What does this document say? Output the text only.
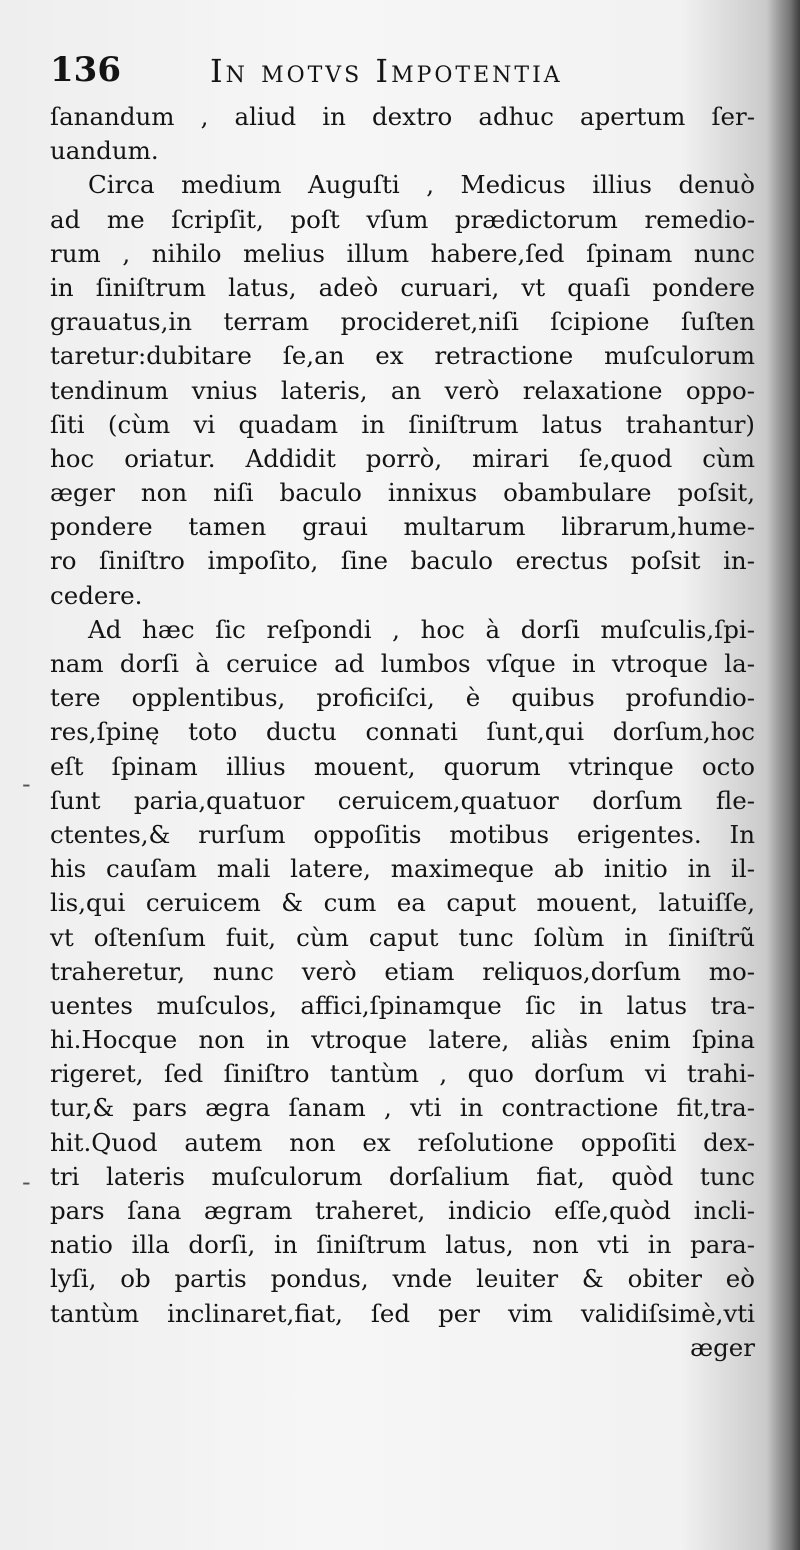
136	In motvs Impotentia
ſanandum , aliud in dextro adhuc apertum ſer-
uandum.
Circa medium Auguſti , Medicus illius denuò
ad me ſcripſit, poſt vſum prædictorum remedio-
rum , nihilo melius illum habere,ſed ſpinam nunc
in ſiniſtrum latus, adeò curuari, vt quaſi pondere
grauatus,in terram procideret,niſi ſcipione ſuſten
taretur:dubitare ſe,an ex retractione muſculorum
tendinum vnius lateris, an verò relaxatione oppo-
ſiti (cùm vi quadam in ſiniſtrum latus trahantur)
hoc oriatur. Addidit porrò, mirari ſe,quod cùm
æger non niſi baculo innixus obambulare poſsit,
pondere tamen graui multarum librarum,hume-
ro ſiniſtro impoſito, ſine baculo erectus poſsit in-
cedere.
Ad hæc ſic reſpondi , hoc à dorſi muſculis,ſpi-
nam dorſi à ceruice ad lumbos vſque in vtroque la-
tere opplentibus, proficiſci, è quibus profundio-
res,ſpinę toto ductu connati ſunt,qui dorſum,hoc
eſt ſpinam illius mouent, quorum vtrinque octo
ſunt paria,quatuor ceruicem,quatuor dorſum fle-
ctentes,& rurſum oppoſitis motibus erigentes. In
his cauſam mali latere, maximeque ab initio in il-
lis,qui ceruicem & cum ea caput mouent, latuiſſe,
vt oſtenſum fuit, cùm caput tunc ſolùm in ſiniſtrũ
traheretur, nunc verò etiam reliquos,dorſum mo-
uentes muſculos, affici,ſpinamque ſic in latus tra-
hi.Hocque non in vtroque latere, aliàs enim ſpina
rigeret, ſed ſiniſtro tantùm , quo dorſum vi trahi-
tur,& pars ægra ſanam , vti in contractione fit,tra-
hit.Quod autem non ex reſolutione oppoſiti dex-
tri lateris muſculorum dorſalium fiat, quòd tunc
pars ſana ægram traheret, indicio eſſe,quòd incli-
natio illa dorſi, in ſiniſtrum latus, non vti in para-
lyſi, ob partis pondus, vnde leuiter & obiter eò
tantùm inclinaret,fiat, ſed per vim validiſsimè,vti
æger
-
-
